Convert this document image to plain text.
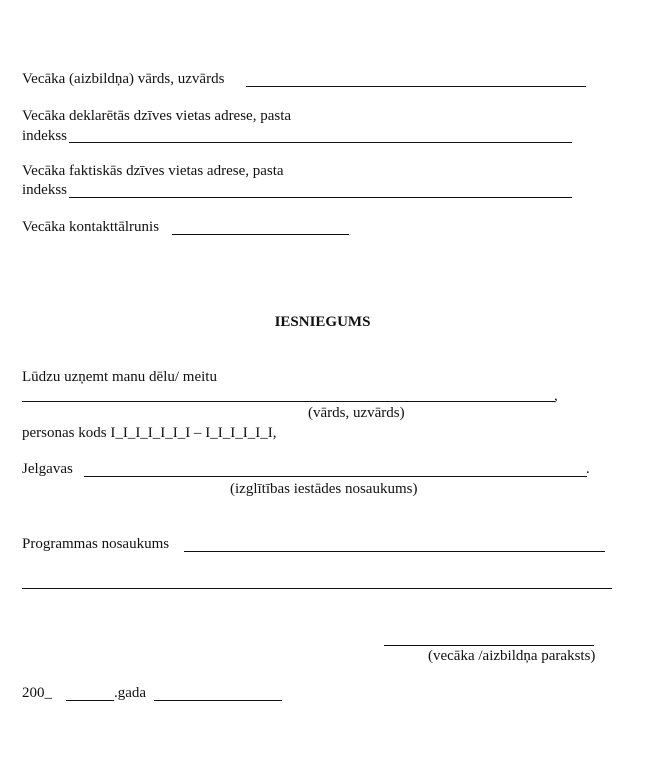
Vecāka (aizbildņa) vārds, uzvārds
Vecāka deklarētās dzīves vietas adrese, pasta
indekss
Vecāka faktiskās dzīves vietas adrese, pasta
indekss
Vecāka kontakttālrunis
IESNIEGUMS
Lūdzu uzņemt manu dēlu/ meitu
,
(vārds, uzvārds)
personas kods I_I_I_I_I_I_I – I_I_I_I_I_I,
Jelgavas	.
(izglītības iestādes nosaukums)
Programmas nosaukums
(vecāka /aizbildņa paraksts)
200_	.gada
